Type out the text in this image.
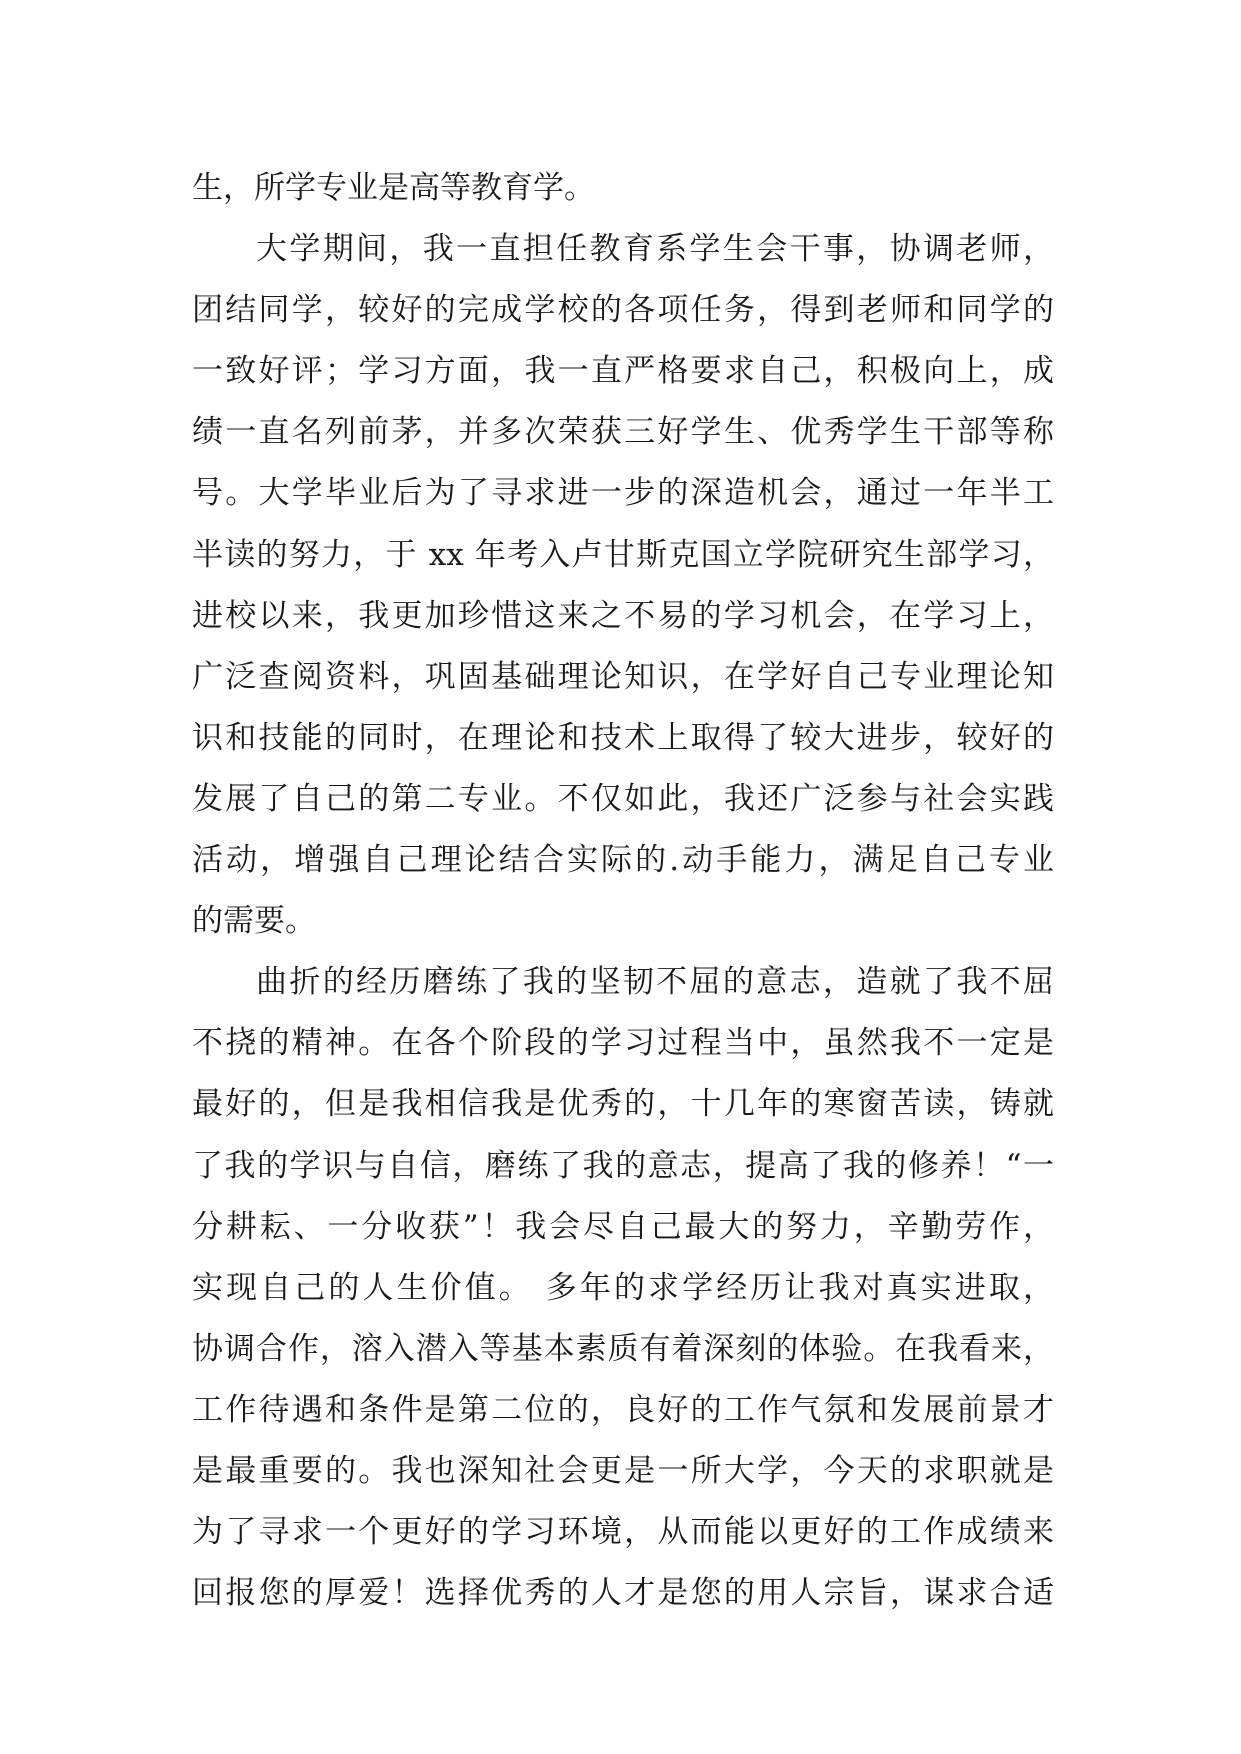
生，所学专业是高等教育学。
大学期间，我一直担任教育系学生会干事，协调老师，
团结同学，较好的完成学校的各项任务，得到老师和同学的
一致好评；学习方面，我一直严格要求自己，积极向上，成
绩一直名列前茅，并多次荣获三好学生、优秀学生干部等称
号。大学毕业后为了寻求进一步的深造机会，通过一年半工
半读的努力，于 xx 年考入卢甘斯克国立学院研究生部学习，
进校以来，我更加珍惜这来之不易的学习机会，在学习上，
广泛查阅资料，巩固基础理论知识，在学好自己专业理论知
识和技能的同时，在理论和技术上取得了较大进步，较好的
发展了自己的第二专业。不仅如此，我还广泛参与社会实践
活动，增强自己理论结合实际的.动手能力，满足自己专业
的需要。
曲折的经历磨练了我的坚韧不屈的意志，造就了我不屈
不挠的精神。在各个阶段的学习过程当中，虽然我不一定是
最好的，但是我相信我是优秀的，十几年的寒窗苦读，铸就
了我的学识与自信，磨练了我的意志，提高了我的修养！“一
分耕耘、一分收获”！我会尽自己最大的努力，辛勤劳作，
实现自己的人生价值。 多年的求学经历让我对真实进取，
协调合作，溶入潜入等基本素质有着深刻的体验。在我看来，
工作待遇和条件是第二位的，良好的工作气氛和发展前景才
是最重要的。我也深知社会更是一所大学，今天的求职就是
为了寻求一个更好的学习环境，从而能以更好的工作成绩来
回报您的厚爱！选择优秀的人才是您的用人宗旨，谋求合适
